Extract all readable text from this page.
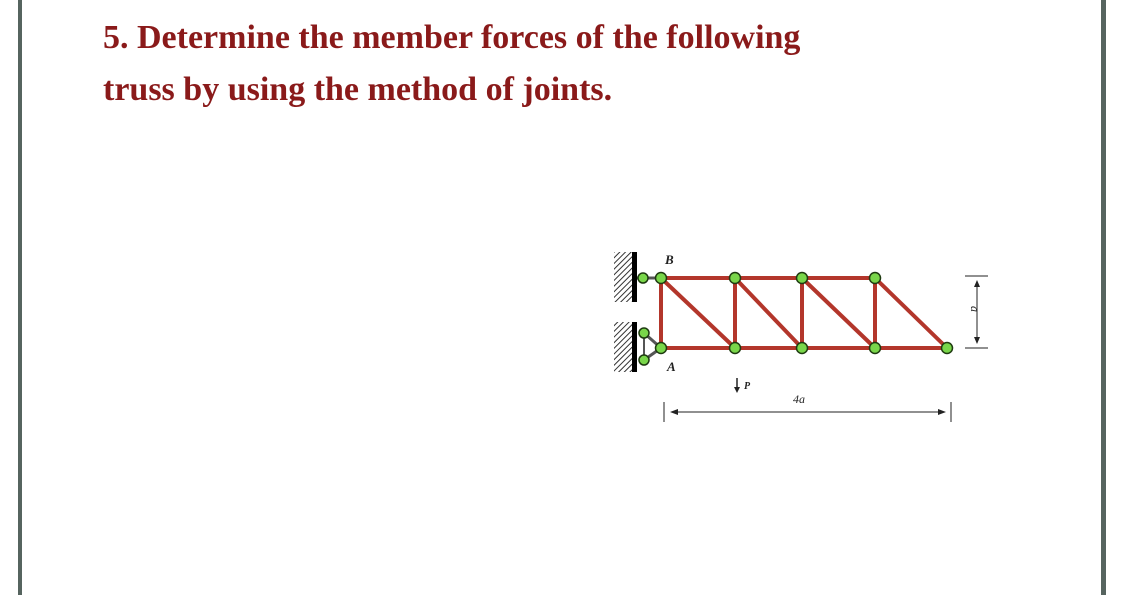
5. Determine the member forces of the following
truss by using the method of joints.
B
A
P
4a
a
